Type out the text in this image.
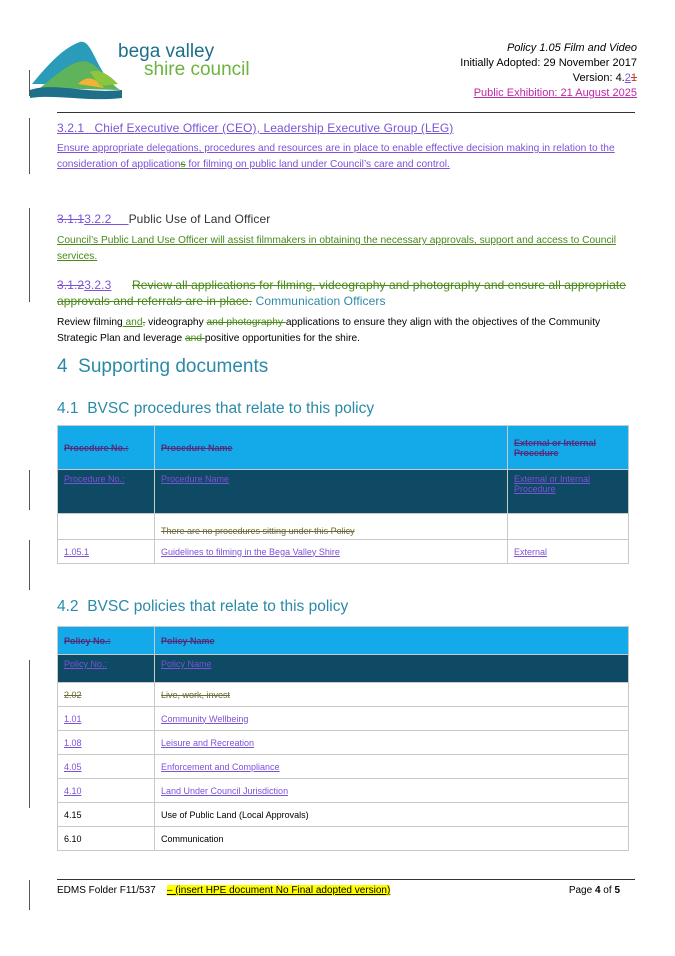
bega valley
shire council
Policy 1.05 Film and Video
Initially Adopted: 29 November 2017
Version: 4.21
Public Exhibition: 21 August 2025
3.2.1 Chief Executive Officer (CEO), Leadership Executive Group (LEG)
Ensure appropriate delegations, procedures and resources are in place to enable effective decision making in relation to the consideration of applications for filming on public land under Council’s care and control.
3.1.13.2.2 Public Use of Land Officer
Council’s Public Land Use Officer will assist filmmakers in obtaining the necessary approvals, support and access to Council services.
3.1.23.2.3 Review all applications for filming, videography and photography and ensure all appropriate approvals and referrals are in place. Communication Officers
Review filming and, videography and photography applications to ensure they align with the objectives of the Community Strategic Plan and leverage and positive opportunities for the shire.
4 Supporting documents
4.1 BVSC procedures that relate to this policy
Procedure No.:	Procedure Name	External or Internal Procedure
Procedure No.:	Procedure Name	External or Internal Procedure
	There are no procedures sitting under this Policy	
1.05.1	Guidelines to filming in the Bega Valley Shire	External
4.2 BVSC policies that relate to this policy
Policy No.:	Policy Name
Policy No.:	Policy Name
2.02	Live, work, invest
1.01	Community Wellbeing
1.08	Leisure and Recreation
4.05	Enforcement and Compliance
4.10	Land Under Council Jurisdiction
4.15	Use of Public Land (Local Approvals)
6.10	Communication
EDMS Folder F11/537 – (insert HPE document No Final adopted version)	Page 4 of 5
